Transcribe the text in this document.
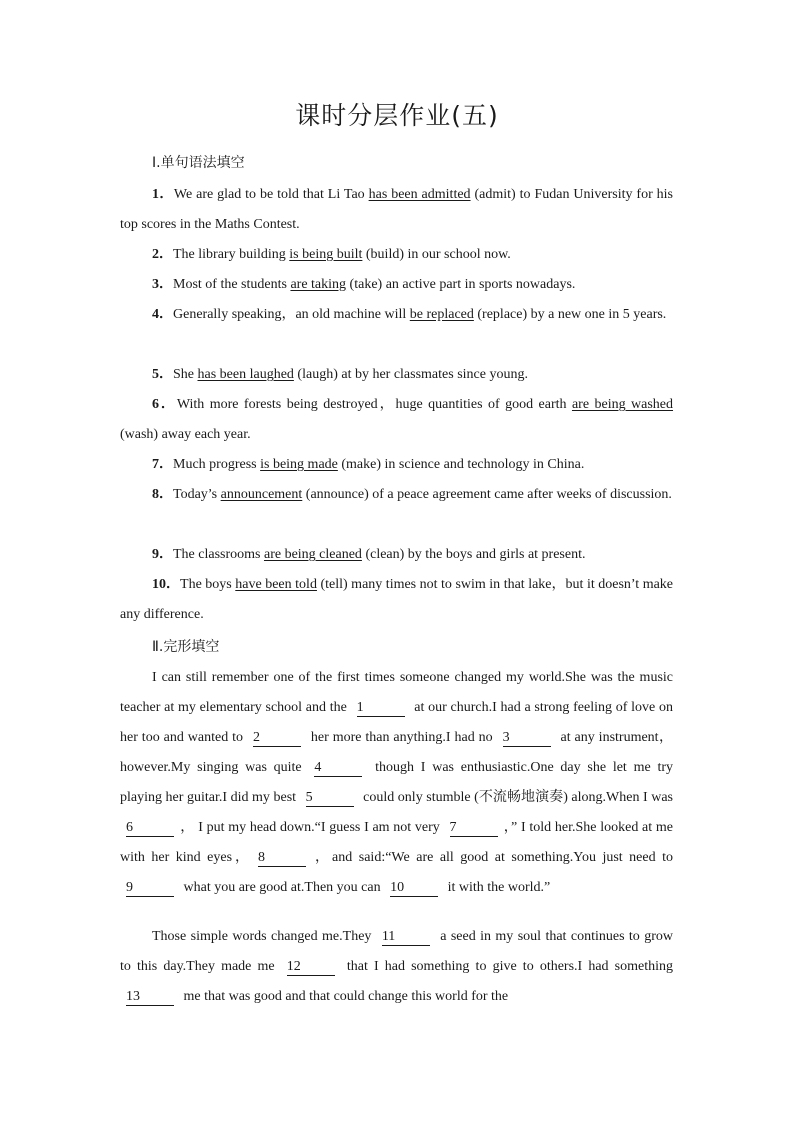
课时分层作业(五)
Ⅰ.单句语法填空
1．We are glad to be told that Li Tao has been admitted (admit) to Fudan University for his top scores in the Maths Contest.
2．The library building is being built (build) in our school now.
3．Most of the students are taking (take) an active part in sports nowadays.
4．Generally speaking，an old machine will be replaced (replace) by a new one in 5 years.
5．She has been laughed (laugh) at by her classmates since young.
6．With more forests being destroyed，huge quantities of good earth are being washed (wash) away each year.
7．Much progress is being made (make) in science and technology in China.
8．Today’s announcement (announce) of a peace agreement came after weeks of discussion.
9．The classrooms are being cleaned (clean) by the boys and girls at present.
10．The boys have been told (tell) many times not to swim in that lake，but it doesn’t make any difference.
Ⅱ.完形填空
I can still remember one of the first times someone changed my world.She was the music teacher at my elementary school and the 1	at our church.I had a strong feeling of love on her too and wanted to 2	her more than anything.I had no 3	at any instrument，however.My singing was quite 4	though I was enthusiastic.One day she let me try playing her guitar.I did my best 5	could only stumble (不流畅地演奏) along.When I was 6	， I put my head down.“I guess I am not very 7	，” I told her.She looked at me with her kind eyes， 8	，and said:“We are all good at something.You just need to 9	what you are good at.Then you can 10	it with the world.”
Those simple words changed me.They 11	a seed in my soul that continues to grow to this day.They made me 12	that I had something to give to others.I had something 13	me that was good and that could change this world for the
